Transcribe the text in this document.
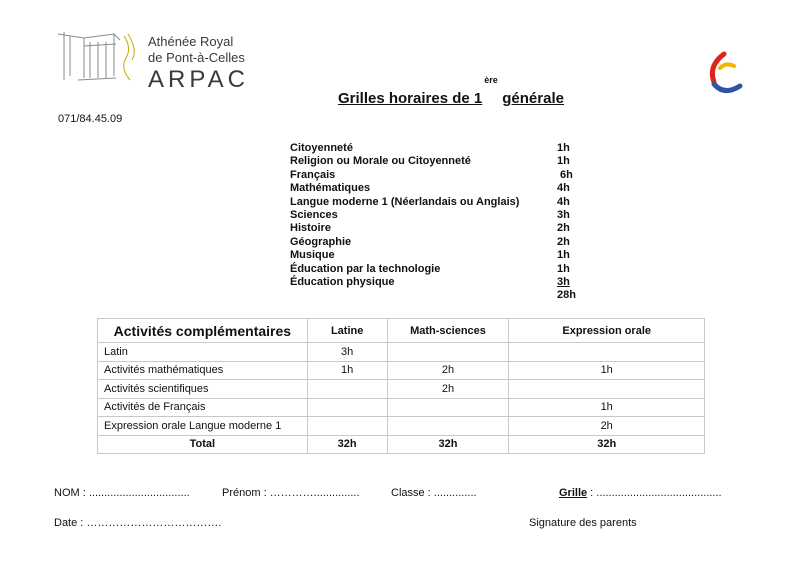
Athénée Royal
de Pont-à-Celles
ARPAC
Grilles horaires de 1èregénérale
071/84.45.09
Citoyenneté	1h
Religion ou Morale ou Citoyenneté	1h
Français	6h
Mathématiques	4h
Langue moderne 1 (Néerlandais ou Anglais)	4h
Sciences	3h
Histoire	2h
Géographie	2h
Musique	1h
Éducation par la technologie	1h
Éducation physique	3h
28h
Activités complémentaires	Latine	Math-sciences	Expression orale
Latin	3h		
Activités mathématiques	1h	2h	1h
Activités scientifiques		2h	
Activités de Français			1h
Expression orale Langue moderne 1			2h
Total	32h	32h	32h
NOM : .................................	Prénom : …………...............	Classe : ..............	Grille : .........................................
Date : ……………………………….	Signature des parents
